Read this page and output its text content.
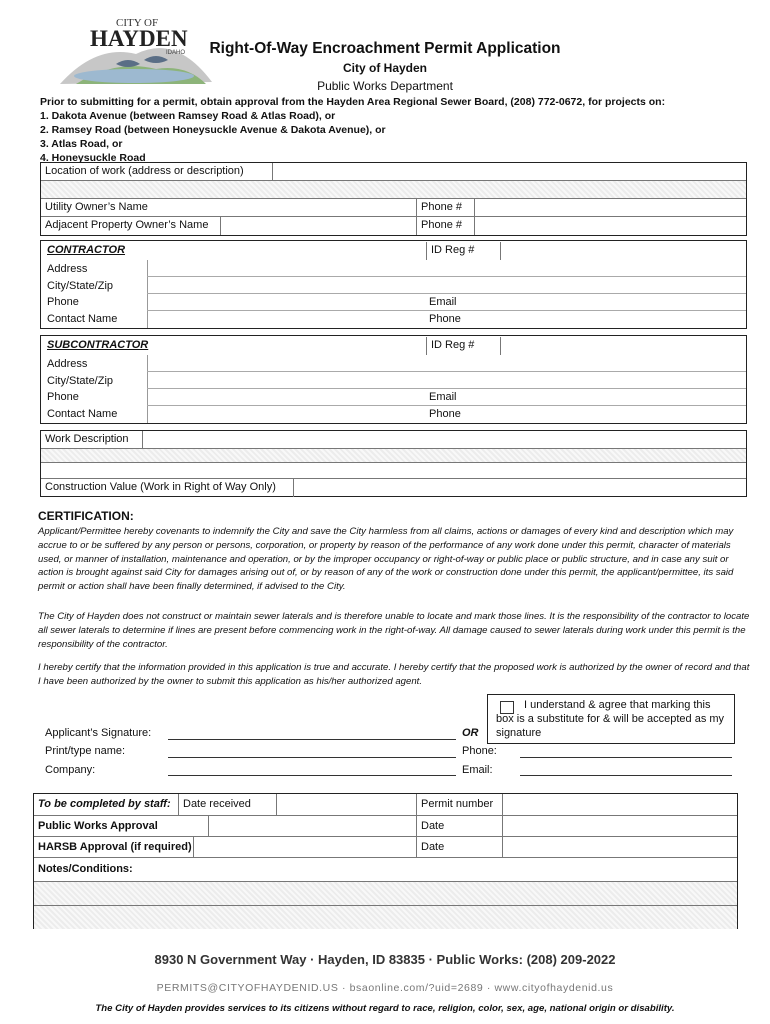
CITY OF
HAYDEN
IDAHO	Right-Of-Way Encroachment Permit Application
City of Hayden
Public Works Department
Prior to submitting for a permit, obtain approval from the Hayden Area Regional Sewer Board, (208) 772-0672, for projects on:
1. Dakota Avenue (between Ramsey Road & Atlas Road), or
2. Ramsey Road (between Honeysuckle Avenue & Dakota Avenue), or
3. Atlas Road, or
4. Honeysuckle Road
Location of work (address or description)
Utility Owner’s Name	Phone #
Adjacent Property Owner’s Name	Phone #
CONTRACTOR	ID Reg #
Address
City/State/Zip
Phone	Email
Contact Name	Phone
SUBCONTRACTOR	ID Reg #
Address
City/State/Zip
Phone	Email
Contact Name	Phone
Work Description
Construction Value (Work in Right of Way Only)
CERTIFICATION:
Applicant/Permittee hereby covenants to indemnify the City and save the City harmless from all claims, actions or damages of every kind and description which may accrue to or be suffered by any person or persons, corporation, or property by reason of the performance of any work done under this permit, character of materials used, or manner of installation, maintenance and operation, or by the improper occupancy or right-of-way or public place or public structure, and in case any suit or action is brought against said City for damages arising out of, or by reason of any of the work or construction done under this permit, the applicant/permittee, its said permit or action shall have been finally determined, if advised to the City.
The City of Hayden does not construct or maintain sewer laterals and is therefore unable to locate and mark those lines. It is the responsibility of the contractor to locate all sewer laterals to determine if lines are present before commencing work in the right-of-way. All damage caused to sewer laterals during work under this permit is the responsibility of the contractor.
I hereby certify that the information provided in this application is true and accurate. I hereby certify that the proposed work is authorized by the owner of record and that I have been authorized by the owner to submit this application as his/her authorized agent.
Applicant’s Signature:
Print/type name:
Company:
OR
Phone:
Email:
I understand & agree that marking this box is a substitute for & will be accepted as my signature
To be completed by staff:	Date received	Permit number
Public Works Approval	Date
HARSB Approval (if required)	Date
Notes/Conditions:
8930 N Government Way · Hayden, ID 83835 · Public Works: (208) 209-2022
PERMITS@CITYOFHAYDENID.US · bsaonline.com/?uid=2689 · www.cityofhaydenid.us
The City of Hayden provides services to its citizens without regard to race, religion, color, sex, age, national origin or disability.
